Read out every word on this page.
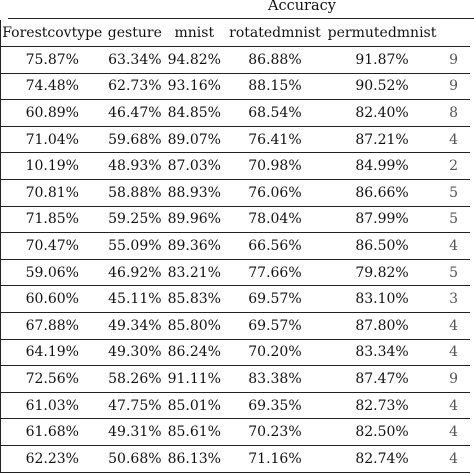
Accuracy
	Forestcovtype	gesture	mnist	rotatedmnist	permutedmnist	
	75.87%	63.34%	94.82%	86.88%	91.87%	9
	74.48%	62.73%	93.16%	88.15%	90.52%	9
	60.89%	46.47%	84.85%	68.54%	82.40%	8
	71.04%	59.68%	89.07%	76.41%	87.21%	4
	10.19%	48.93%	87.03%	70.98%	84.99%	2
	70.81%	58.88%	88.93%	76.06%	86.66%	5
	71.85%	59.25%	89.96%	78.04%	87.99%	5
	70.47%	55.09%	89.36%	66.56%	86.50%	4
	59.06%	46.92%	83.21%	77.66%	79.82%	5
	60.60%	45.11%	85.83%	69.57%	83.10%	3
	67.88%	49.34%	85.80%	69.57%	87.80%	4
	64.19%	49.30%	86.24%	70.20%	83.34%	4
	72.56%	58.26%	91.11%	83.38%	87.47%	9
	61.03%	47.75%	85.01%	69.35%	82.73%	4
	61.68%	49.31%	85.61%	70.23%	82.50%	4
	62.23%	50.68%	86.13%	71.16%	82.74%	4
